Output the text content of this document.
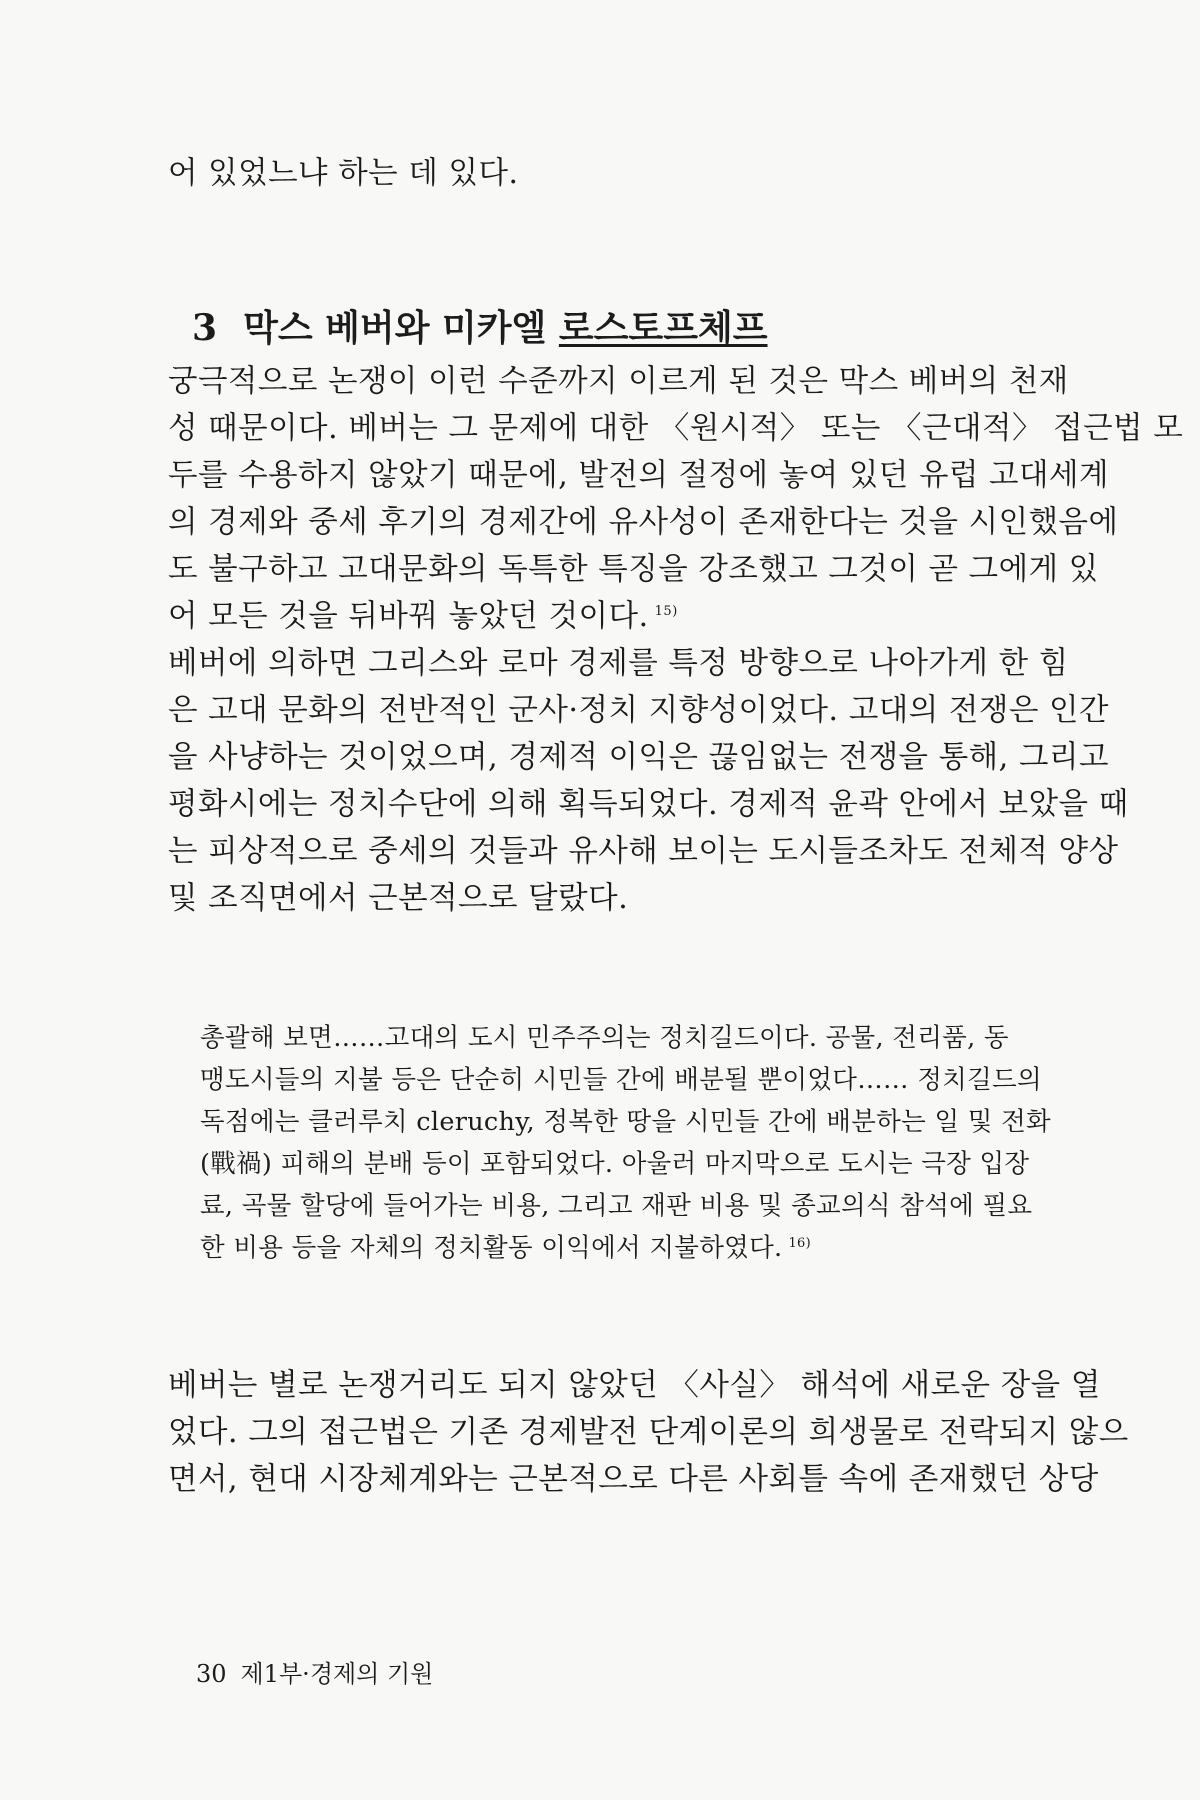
어 있었느냐 하는 데 있다.

3 막스 베버와 미카엘 로스토프체프

궁극적으로 논쟁이 이런 수준까지 이르게 된 것은 막스 베버의 천재

성 때문이다. 베버는 그 문제에 대한 〈원시적〉 또는 〈근대적〉 접근법 모

두를 수용하지 않았기 때문에, 발전의 절정에 놓여 있던 유럽 고대세계

의 경제와 중세 후기의 경제간에 유사성이 존재한다는 것을 시인했음에

도 불구하고 고대문화의 독특한 특징을 강조했고 그것이 곧 그에게 있

어 모든 것을 뒤바꿔 놓았던 것이다. $^{15)}$

베버에 의하면 그리스와 로마 경제를 특정 방향으로 나아가게 한 힘

은 고대 문화의 전반적인 군사·정치 지향성이었다. 고대의 전쟁은 인간

을 사냥하는 것이었으며, 경제적 이익은 끊임없는 전쟁을 통해, 그리고

평화시에는 정치수단에 의해 획득되었다. 경제적 윤곽 안에서 보았을 때

는 피상적으로 중세의 것들과 유사해 보이는 도시들조차도 전체적 양상

및 조직면에서 근본적으로 달랐다.

총괄해 보면……고대의 도시 민주주의는 정치길드이다. 공물, 전리품, 동

맹도시들의 지불 등은 단순히 시민들 간에 배분될 뿐이었다…… 정치길드의

독점에는 클러루치 cleruchy, 정복한 땅을 시민들 간에 배분하는 일 및 전화

(戰禍) 피해의 분배 등이 포함되었다. 아울러 마지막으로 도시는 극장 입장

료, 곡물 할당에 들어가는 비용, 그리고 재판 비용 및 종교의식 참석에 필요

한 비용 등을 자체의 정치활동 이익에서 지불하였다. $^{16)}$

베버는 별로 논쟁거리도 되지 않았던 〈사실〉 해석에 새로운 장을 열

었다. 그의 접근법은 기존 경제발전 단계이론의 희생물로 전락되지 않으

면서, 현대 시장체계와는 근본적으로 다른 사회틀 속에 존재했던 상당

30 제1부·경제의 기원
